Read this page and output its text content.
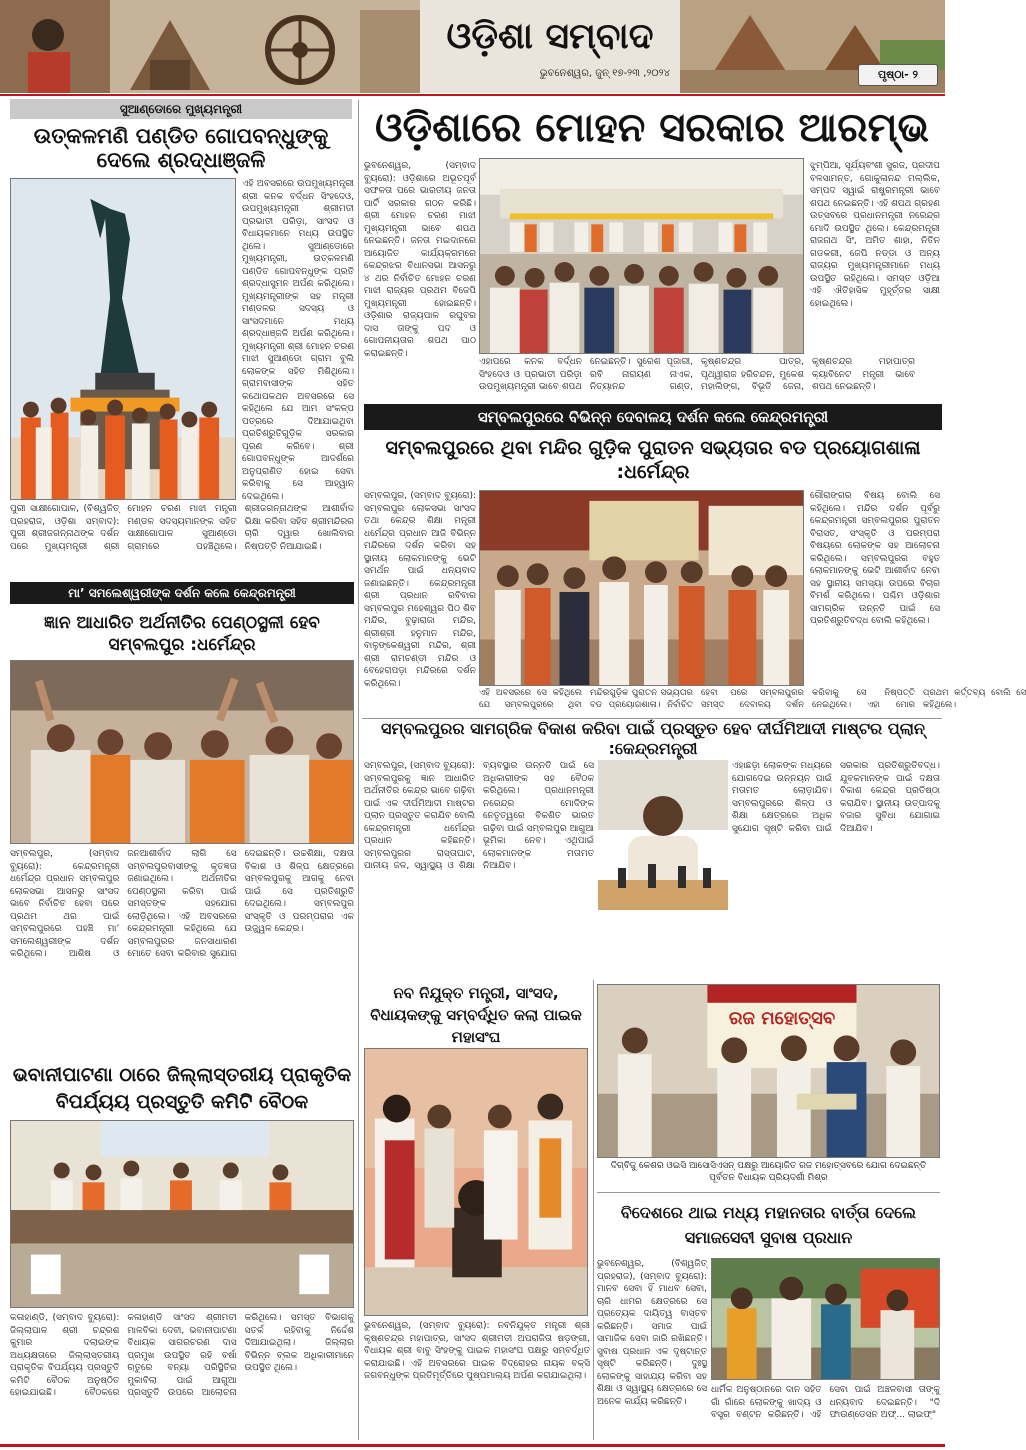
ଓଡ଼ିଶା ସମ୍ବାଦ
ଭୁବନେଶ୍ୱର, ଜୁନ୍ ୧୭-୨୩ ,୨୦୨୪	ପୃଷ୍ଠା- ୨
ସୁଆଣ୍ଡୋରେ ମୁଖ୍ୟମନ୍ତ୍ରୀ
ଉତ୍କଳମଣି ପଣ୍ଡିତ ଗୋପବନ୍ଧୁଙ୍କୁ ଦେଲେ ଶ୍ରଦ୍ଧାଞ୍ଜଳି
ଏହି ଅବସରରେ ଉପମୁଖ୍ୟମନ୍ତ୍ରୀ ଶ୍ରୀ କନକ ବର୍ଦ୍ଧନ ସିଂହଦେଓ, ଉପମୁଖ୍ୟମନ୍ତ୍ରୀ ଶ୍ରୀମତୀ ପ୍ରଭାତୀ ପରିଡ଼ା, ସାଂସଦ ଓ ବିଧାୟକମାନେ ମଧ୍ୟ ଉପସ୍ଥିତ ଥିଲେ। ସୁଆଣ୍ଡୋରେ ମୁଖ୍ୟମନ୍ତ୍ରୀ, ଉତ୍କଳମଣି ପଣ୍ଡିତ ଗୋପବନ୍ଧୁଙ୍କ ପ୍ରତି ଶ୍ରଦ୍ଧାସୁମନ ଅର୍ପଣ କରିଥିଲେ। ମୁଖ୍ୟମନ୍ତ୍ରୀଙ୍କ ସହ ମନ୍ତ୍ରୀ ମଣ୍ଡଳର ସଦସ୍ୟ ଓ ସାଂସଦମାନେ ମଧ୍ୟ ଶ୍ରଦ୍ଧାଞ୍ଜଳି ଅର୍ପଣ କରିଥିଲେ। ମୁଖ୍ୟମନ୍ତ୍ରୀ ଶ୍ରୀ ମୋହନ ଚରଣ ମାଝୀ ସୁଆଣ୍ଡୋ ଗ୍ରାମ ବୁଲି ଲୋକଙ୍କ ସହିତ ମିଶିଥିଲେ। ଗ୍ରାମବାସୀଙ୍କ ସହିତ କଥୋପକଥନ ଅବସରରେ ସେ କହିଥିଲେ ଯେ ଆମ ସଂକଳ୍ପ ପତ୍ରରେ ଦିଆଯାଇଥିବା ପ୍ରତିଶ୍ରୁତିଗୁଡ଼ିକ ସରକାର ପୂରଣ କରିବେ। ଶ୍ରୀ ଗୋପବନ୍ଧୁଙ୍କ ଆଦର୍ଶରେ ଅନୁପ୍ରାଣିତ ହୋଇ ସେବା କରିବାକୁ ସେ ଆହ୍ୱାନ ଦେଇଥିଲେ।
ପୁରୀ ସାକ୍ଷୀଗୋପାଳ, (ବିଶ୍ୱଜିତ୍ ପ୍ରହରାଜ, ଓଡ଼ିଶା ସମ୍ବାଦ): ପୁରୀ ଶ୍ରୀଜଗନ୍ନାଥଙ୍କ ଦର୍ଶନ ପରେ ମୁଖ୍ୟମନ୍ତ୍ରୀ ଶ୍ରୀ ମୋହନ ଚରଣ ମାଝୀ ମନ୍ତ୍ରୀ ମଣ୍ଡଳ ସଦସ୍ୟମାନଙ୍କ ସହିତ ସାକ୍ଷୀଗୋପାଳ ସୁଆଣ୍ଡୋ ଗ୍ରାମରେ ପହଞ୍ଚିଥିଲେ। ଶ୍ରୀଜଗନ୍ନାଥଙ୍କ ଆଶୀର୍ବାଦ ଭିକ୍ଷା କରିବା ସହିତ ଶ୍ରୀମନ୍ଦିରର ଚାରି ଦ୍ୱାର ଖୋଲିବାର ନିଷ୍ପତ୍ତି ନିଆଯାଇଛି।
ମା’ ସମଲେଶ୍ୱରୀଙ୍କ ଦର୍ଶନ କଲେ କେନ୍ଦ୍ରମନ୍ତ୍ରୀ
ଜ୍ଞାନ ଆଧାରିତ ଅର୍ଥନୀତିର ପେଣ୍ଠସ୍ଥଳୀ ହେବ ସମ୍ବଲପୁର :ଧର୍ମେନ୍ଦ୍ର
ସମ୍ବଲପୁର, (ସମ୍ବାଦ ବ୍ୟୁରୋ): କେନ୍ଦ୍ରମନ୍ତ୍ରୀ ଧର୍ମେନ୍ଦ୍ର ପ୍ରଧାନ ସମ୍ବଲପୁର ଲୋକସଭା ଆସନରୁ ସାଂସଦ ଭାବେ ନିର୍ବାଚିତ ହେବା ପରେ ପ୍ରଥମ ଥର ପାଇଁ ସମ୍ବଲପୁରରେ ପହଞ୍ଚି ମା’ ସମଲେଶ୍ୱରୀଙ୍କ ଦର୍ଶନ କରିଥିଲେ। ଆଶିଷ ଓ ଜନଆଶୀର୍ବାଦ ଲାଗି ସେ ସମ୍ବଲପୁରବାସୀଙ୍କୁ କୃତଜ୍ଞତା ଜଣାଇଥିଲେ। ଅର୍ଥନୀତିର ପେଣ୍ଠସ୍ଥଳୀ କରିବା ପାଇଁ ସମସ୍ତଙ୍କ ସହଯୋଗ ଲୋଡ଼ିଥିଲେ। ଏହି ଅବସରରେ କେନ୍ଦ୍ରମନ୍ତ୍ରୀ କହିଥିଲେ ଯେ ସମ୍ବଲପୁରର ଜନସାଧାରଣ ମୋତେ ସେବା କରିବାର ସୁଯୋଗ ଦେଇଛନ୍ତି। ଉଚ୍ଚଶିକ୍ଷା, ଦକ୍ଷତା ବିକାଶ ଓ ଶିଳ୍ପ କ୍ଷେତ୍ରରେ ସମ୍ବଲପୁରକୁ ଆଗକୁ ନେବା ପାଇଁ ସେ ପ୍ରତିଶ୍ରୁତି ଦେଇଥିଲେ। ସମ୍ବଲପୁର ସଂସ୍କୃତି ଓ ପରମ୍ପରାର ଏକ ଉଜ୍ଜ୍ୱଳ କେନ୍ଦ୍ର।
ଭବାନୀପାଟଣା ଠାରେ ଜିଲ୍ଲାସ୍ତରୀୟ ପ୍ରାକୃତିକ ବିପର୍ଯ୍ୟୟ ପ୍ରସ୍ତୁତି କମିଟି ବୈଠକ
କଳାହାଣ୍ଡି, (ସମ୍ବାଦ ବ୍ୟୁରୋ): ଜିଲ୍ଲାପାଳ ଶ୍ରୀ ଚନ୍ଦ୍ରଶ କୁମାର ଦଲାଇଙ୍କ ଅଧ୍ୟକ୍ଷତାରେ ଜିଲ୍ଲାସ୍ତରୀୟ ପ୍ରାକୃତିକ ବିପର୍ଯ୍ୟୟ ପ୍ରସ୍ତୁତି କମିଟି ବୈଠକ ଅନୁଷ୍ଠିତ ହୋଇଯାଇଛି। ବୈଠକରେ କଳାହାଣ୍ଡି ସାଂସଦ ଶ୍ରୀମତୀ ମାଳବିକା ଦେବୀ, ଭବାନୀପାଟଣା ବିଧାୟକ ସାଗରଚରଣ ଦାସ ପ୍ରମୁଖ ଉପସ୍ଥିତ ରହି ବର୍ଷା ଋତୁରେ ବନ୍ୟା ପରିସ୍ଥିତିର ମୁକାବିଲା ପାଇଁ ଆଗୁଆ ପ୍ରସ୍ତୁତି ଉପରେ ଆଲୋଚନା କରିଥିଲେ। ସମସ୍ତ ବିଭାଗକୁ ସତର୍କ ରହିବାକୁ ନିର୍ଦ୍ଦେଶ ଦିଆଯାଇଥିଲା। ଜିଲ୍ଲାର ବିଭିନ୍ନ ବ୍ଲକ ଅଧିକାରୀମାନେ ଉପସ୍ଥିତ ଥିଲେ।
ଓଡ଼ିଶାରେ ମୋହନ ସରକାର ଆରମ୍ଭ
ଭୁବନେଶ୍ୱର, (ସମ୍ବାଦ ବ୍ୟୁରୋ): ଓଡ଼ିଶାରେ ଅଭୂତପୂର୍ବ ସଫଳତା ପରେ ଭାରତୀୟ ଜନତା ପାର୍ଟି ସରକାର ଗଠନ କରିଛି। ଶ୍ରୀ ମୋହନ ଚରଣ ମାଝୀ ମୁଖ୍ୟମନ୍ତ୍ରୀ ଭାବେ ଶପଥ ନେଇଛନ୍ତି। ଜନତା ମଇଦାନରେ ଆୟୋଜିତ କାର୍ଯ୍ୟକ୍ରମରେ କେନ୍ଦ୍ରଝର ବିଧାନସଭା ଆସନରୁ ୪ ଥର ନିର୍ବାଚିତ ମୋହନ ଚରଣ ମାଝୀ ରାଜ୍ୟର ପ୍ରଥମ ବିଜେପି ମୁଖ୍ୟମନ୍ତ୍ରୀ ହୋଇଛନ୍ତି। ଓଡ଼ିଶାର ରାଜ୍ୟପାଳ ରଘୁବର ଦାସ ତାଙ୍କୁ ପଦ ଓ ଗୋପନୀୟତାର ଶପଥ ପାଠ କରାଇଛନ୍ତି।
ଝୁମ୍ପିଆ, ସୂର୍ଯ୍ୟବଂଶୀ ସୁରଜ, ପ୍ରଦୀପ ବଳସାମନ୍ତ, ଗୋକୁଳାନନ୍ଦ ମଲ୍ଲିକ, ସମ୍ପଦ ସ୍ୱାଇଁ ରାଷ୍ଟ୍ରମନ୍ତ୍ରୀ ଭାବେ ଶପଥ ନେଇଛନ୍ତି। ଏହି ଶପଥ ଗ୍ରହଣ ଉତ୍ସବରେ ପ୍ରଧାନମନ୍ତ୍ରୀ ନରେନ୍ଦ୍ର ମୋଦି ଉପସ୍ଥିତ ଥିଲେ। କେନ୍ଦ୍ରମନ୍ତ୍ରୀ ରାଜନାଥ ସିଂ, ଅମିତ ଶାହା, ନିତିନ ଗଡକରୀ, ଜେପି ନଡ୍ଡା ଓ ଅନ୍ୟ ରାଜ୍ୟର ମୁଖ୍ୟମନ୍ତ୍ରୀମାନେ ମଧ୍ୟ ଉପସ୍ଥିତ ରହିଥିଲେ। ସମସ୍ତ ଓଡ଼ିଆ ଏହି ଐତିହାସିକ ମୁହୂର୍ତ୍ତର ସାକ୍ଷୀ ହୋଇଥିଲେ।
ଏହାପରେ କନକ ବର୍ଦ୍ଧନ ସିଂହଦେଓ ଓ ପ୍ରଭାତୀ ପରିଡ଼ା ଉପମୁଖ୍ୟମନ୍ତ୍ରୀ ଭାବେ ଶପଥ ନେଇଛନ୍ତି। ସୁରେଶ ପୂଜାରୀ, ରବି ନାରାୟଣ ନାଏକ, ନିତ୍ୟାନନ୍ଦ ଗଣ୍ଡ, କୃଷ୍ଣଚନ୍ଦ୍ର ପାତ୍ର, ପୃଥ୍ୱୀରାଜ ହରିଚନ୍ଦନ, ମୁକେଶ ମହାଲିଙ୍ଗ, ବିଭୂତି ଜେନା, କୃଷ୍ଣଚନ୍ଦ୍ର ମହାପାତ୍ର କ୍ୟାବିନେଟ ମନ୍ତ୍ରୀ ଭାବେ ଶପଥ ନେଇଛନ୍ତି।
ସମ୍ବଲପୁରରେ ବିଭିନ୍ନ ଦେବାଳୟ ଦର୍ଶନ କଲେ କେନ୍ଦ୍ରମନ୍ତ୍ରୀ
ସମ୍ବଲପୁରରେ ଥିବା ମନ୍ଦିର ଗୁଡ଼ିକ ପୁରାତନ ସଭ୍ୟତାର ବଡ ପ୍ରୟୋଗଶାଳା :ଧର୍ମେନ୍ଦ୍ର
ସମ୍ବଲପୁର, (ସମ୍ବାଦ ବ୍ୟୁରୋ): ସମ୍ବଲପୁର ଲୋକସଭା ସାଂସଦ ତଥା କେନ୍ଦ୍ର ଶିକ୍ଷା ମନ୍ତ୍ରୀ ଧର୍ମେନ୍ଦ୍ର ପ୍ରଧାନ ଆଜି ବିଭିନ୍ନ ମନ୍ଦିରରେ ଦର୍ଶନ କରିବା ସହ ସ୍ଥାନୀୟ ଲୋକମାନଙ୍କୁ ଭେଟି ସମର୍ଥନ ପାଇଁ ଧନ୍ୟବାଦ ଜଣାଇଛନ୍ତି। କେନ୍ଦ୍ରମନ୍ତ୍ରୀ ଶ୍ରୀ ପ୍ରଧାନ ରବିବାର ସମ୍ବଲପୁର ମହେଶ୍ୱର ପିଠ ଶିବ ମନ୍ଦିର, ବୁଢ଼ାରାଜା ମନ୍ଦିର, ଶ୍ରୀଶ୍ରୀ ହନୁମାନ ମନ୍ଦିର, ବାଳୁଙ୍କେଶ୍ୱରୀ ମନ୍ଦିର, ଶ୍ରୀ ଶ୍ରୀ ରାମଚଣ୍ଡୀ ମନ୍ଦିର ଓ ବେହେରାପଡ଼ା ମନ୍ଦିରରେ ଦର୍ଶନ କରିଥିଲେ।
ଗୌରାଙ୍ଗର ବିଷୟ ବୋଲି ସେ କହିଥିଲେ। ମନ୍ଦିର ଦର୍ଶନ ପୂର୍ବରୁ କେନ୍ଦ୍ରମନ୍ତ୍ରୀ ସମ୍ବଲପୁରର ପୁରାତନ ବିରାସତ, ସଂସ୍କୃତି ଓ ପରମ୍ପରା ବିଷୟରେ ଲୋକଙ୍କ ସହ ଆଲୋଚନା କରିଥିଲେ। ସମ୍ବଲପୁରର ବହୁତ ଲୋକମାନଙ୍କୁ ଭେଟି ଆଶୀର୍ବାଦ ନେବା ସହ ସ୍ଥାନୀୟ ସମସ୍ୟା ଉପରେ ବିଚାର ବିମର୍ଶ କରିଥିଲେ। ପଶ୍ଚିମ ଓଡ଼ିଶାର ସାମଗ୍ରିକ ଉନ୍ନତି ପାଇଁ ସେ ପ୍ରତିଶ୍ରୁତିବଦ୍ଧ ବୋଲି କହିଥିଲେ।
ଏହି ଅବସରରେ ସେ କହିଥିଲେ ଯେ ସମ୍ବଲପୁରରେ ଥିବା ମନ୍ଦିରଗୁଡ଼ିକ ପୁରାତନ ସଭ୍ୟତାର ବଡ ପ୍ରୟୋଗଶାଳା। ନିର୍ବାଚିତ ହେବା ପରେ ସମ୍ବଲପୁରର ସମସ୍ତ ଦେବାଳୟ ଦର୍ଶନ କରିବାକୁ ସେ ନିଷ୍ପତ୍ତି ନେଇଥିଲେ। ଏହା ମୋର ପ୍ରଥମ କର୍ତ୍ତବ୍ୟ ବୋଲି ସେ କହିଥିଲେ।
ସମ୍ବଲପୁରର ସାମଗ୍ରିକ ବିକାଶ କରିବା ପାଇଁ ପ୍ରସ୍ତୁତ ହେବ ଦୀର୍ଘମିଆଦୀ ମାଷ୍ଟର ପ୍ଲାନ୍ :କେନ୍ଦ୍ରମନ୍ତ୍ରୀ
ସମ୍ବଲପୁର, (ସମ୍ବାଦ ବ୍ୟୁରୋ): ସମ୍ବଲପୁରକୁ ଜ୍ଞାନ ଆଧାରିତ ଅର୍ଥନୀତିର କେନ୍ଦ୍ର ଭାବେ ଗଢ଼ିବା ପାଇଁ ଏକ ଦୀର୍ଘମିଆଦୀ ମାଷ୍ଟର ପ୍ଲାନ ପ୍ରସ୍ତୁତ କରାଯିବ ବୋଲି କେନ୍ଦ୍ରମନ୍ତ୍ରୀ ଧର୍ମେନ୍ଦ୍ର ପ୍ରଧାନ କହିଛନ୍ତି। ସମ୍ବଲପୁରର ରାସ୍ତାଘାଟ, ପାନୀୟ ଜଳ, ସ୍ୱାସ୍ଥ୍ୟ ଓ ଶିକ୍ଷା ବ୍ୟବସ୍ଥାର ଉନ୍ନତି ପାଇଁ ସେ ଅଧିକାରୀଙ୍କ ସହ ବୈଠକ କରିଥିଲେ। ପ୍ରଧାନମନ୍ତ୍ରୀ ନରେନ୍ଦ୍ର ମୋଦିଙ୍କ ନେତୃତ୍ୱରେ ବିକଶିତ ଭାରତ ଗଢ଼ିବା ପାଇଁ ସମ୍ବଲପୁର ଆଗୁଆ ଭୂମିକା ନେବ। ଏଥିପାଇଁ ଲୋକମାନଙ୍କ ମତାମତ ନିଆଯିବ।
ଏହାଛଡ଼ା ଲୋକଙ୍କ ମଧ୍ୟରେ ଯୋଗଦେଇ ଉନ୍ନୟନ ପାଇଁ ମତାମତ ଲୋଡ଼ାଯିବ। ସମ୍ବଲପୁରରେ ଶିଳ୍ପ ଓ ଶିକ୍ଷା କ୍ଷେତ୍ରରେ ଅଧିକ ସୁଯୋଗ ସୃଷ୍ଟି କରିବା ପାଇଁ ସରକାର ପ୍ରତିଶ୍ରୁତିବଦ୍ଧ। ଯୁବକମାନଙ୍କ ପାଇଁ ଦକ୍ଷତା ବିକାଶ କେନ୍ଦ୍ର ପ୍ରତିଷ୍ଠା କରାଯିବ। ସ୍ଥାନୀୟ ଉତ୍ପାଦକୁ ବଜାର ସୁବିଧା ଯୋଗାଇ ଦିଆଯିବ।
ନବ ନିଯୁକ୍ତ ମନ୍ତ୍ରୀ, ସାଂସଦ, ବିଧାୟକଙ୍କୁ ସମ୍ବର୍ଦ୍ଧିତ କଲା ପାଇକ ମହାସଂଘ
ଭୁବନେଶ୍ୱର, (ସମ୍ବାଦ ବ୍ୟୁରୋ): ନବନିଯୁକ୍ତ ମନ୍ତ୍ରୀ ଶ୍ରୀ କୃଷ୍ଣଚନ୍ଦ୍ର ମହାପାତ୍ର, ସାଂସଦ ଶ୍ରୀମତୀ ଅପରାଜିତା ଷଡ଼ଙ୍ଗୀ, ବିଧାୟକ ଶ୍ରୀ ବାବୁ ସିଂହଙ୍କୁ ପାଇକ ମହାସଂଘ ପକ୍ଷରୁ ସମ୍ବର୍ଦ୍ଧିତ କରାଯାଇଛି। ଏହି ଅବସରରେ ପାଇକ ବିଦ୍ରୋହର ନାୟକ ବକ୍ସି ଜଗବନ୍ଧୁଙ୍କ ପ୍ରତିମୂର୍ତ୍ତିରେ ପୁଷ୍ପମାଲ୍ୟ ଅର୍ପଣ କରାଯାଇଥିଲା।
ରଜ ମହୋତ୍ସବ
ଦିଗ୍ବିଜୁ କେଶର ଓଇସି ଆସୋସିଏସନ୍ ପକ୍ଷରୁ ଆୟୋଜିତ ରଜ ମହୋତ୍ସବରେ ଯୋଗ ଦେଇଛନ୍ତି ପୂର୍ବତନ ବିଧାୟକ ପ୍ରିୟଦର୍ଶୀ ମିଶ୍ର
ବିଦେଶରେ ଥାଇ ମଧ୍ୟ ମହାନତାର ବାର୍ତ୍ତା ଦେଲେ ସମାଜସେବୀ ସୁବାଷ ପ୍ରଧାନ
ଭୁବନେଶ୍ୱର, (ବିଶ୍ୱଜିତ୍ ପ୍ରହରାଜ), (ସମ୍ବାଦ ବ୍ୟୁରୋ): ମାନବ ସେବା ହିଁ ମାଧବ ସେବା, ଚାରି ଧାମର କ୍ଷେତ୍ରରେ ସେ ପ୍ରତ୍ୟେକ ଦାୟିତ୍ୱ ବାସ୍ତବ କରିଛନ୍ତି। ସମାଜ ପାଇଁ ସାମାଜିକ ସେବା ଜାରି ରଖିଛନ୍ତି। ସୁବାଷ ପ୍ରଧାନ ଏକ ଦୃଷ୍ଟାନ୍ତ ସୃଷ୍ଟି କରିଛନ୍ତି। ଦୁଃସ୍ଥ ଲୋକଙ୍କୁ ସାହାଯ୍ୟ କରିବା ସହ ଶିକ୍ଷା ଓ ସ୍ୱାସ୍ଥ୍ୟ କ୍ଷେତ୍ରରେ ସେ ଅନେକ କାର୍ଯ୍ୟ କରିଛନ୍ତି।
ଧାର୍ମିକ ଅନୁଷ୍ଠାନରେ ଦାନ ସହିତ ଗାଁ ଗାଁରେ ଲୋକଙ୍କୁ ଖାଦ୍ୟ ଓ ବସ୍ତ୍ର ବଣ୍ଟନ କରିଛନ୍ତି। ଏହି ସେବା ପାଇଁ ଅଞ୍ଚଳବାସୀ ତାଙ୍କୁ ଧନ୍ୟବାଦ ଦେଇଛନ୍ତି। "ଦି ଫାଉଣ୍ଡେସନ ଅଫ୍... ଲାଇଫ୍"
